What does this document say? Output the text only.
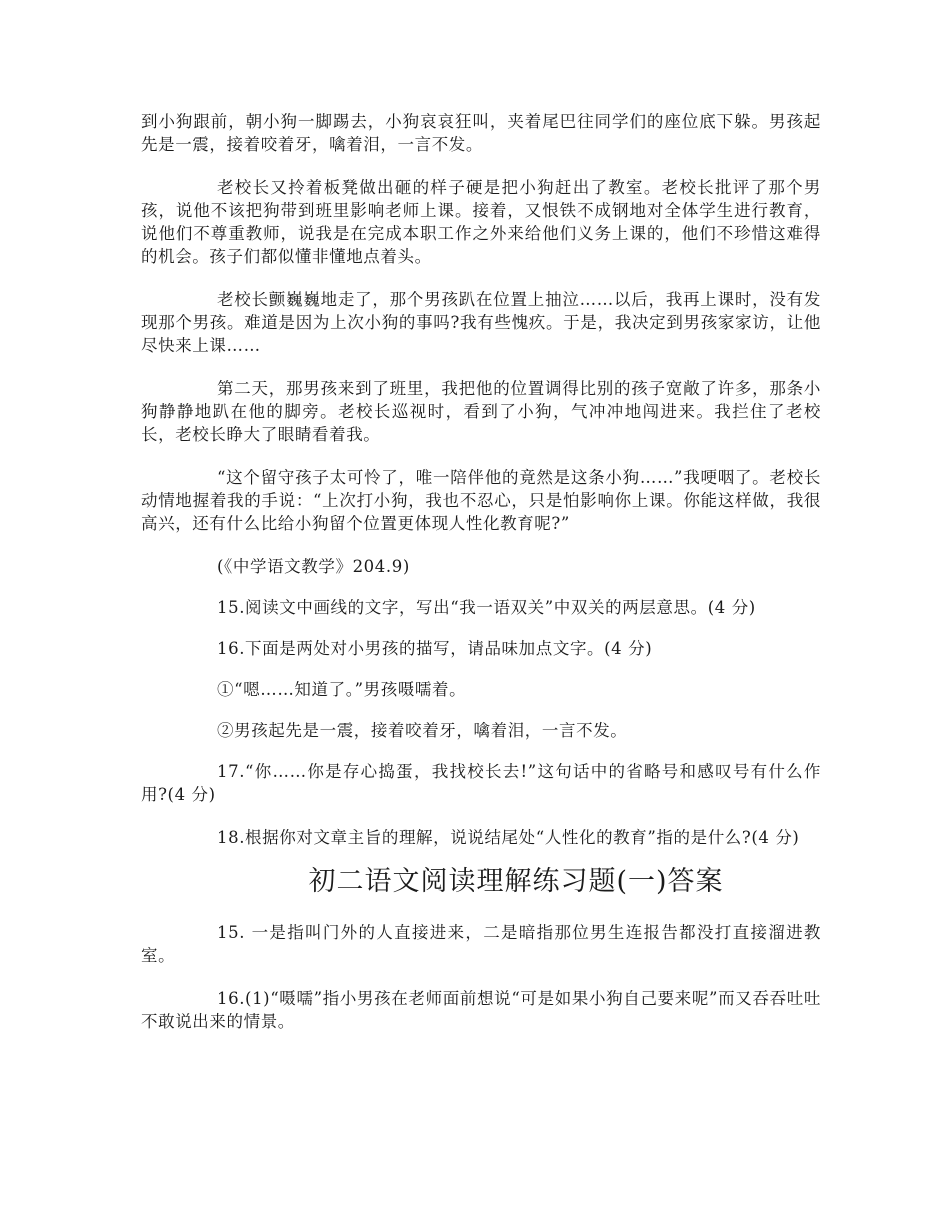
到小狗跟前，朝小狗一脚踢去，小狗哀哀狂叫，夹着尾巴往同学们的座位底下躲。男孩起先是一震，接着咬着牙，噙着泪，一言不发。

老校长又拎着板凳做出砸的样子硬是把小狗赶出了教室。老校长批评了那个男孩，说他不该把狗带到班里影响老师上课。接着，又恨铁不成钢地对全体学生进行教育，说他们不尊重教师，说我是在完成本职工作之外来给他们义务上课的，他们不珍惜这难得的机会。孩子们都似懂非懂地点着头。

老校长颤巍巍地走了，那个男孩趴在位置上抽泣……以后，我再上课时，没有发现那个男孩。难道是因为上次小狗的事吗?我有些愧疚。于是，我决定到男孩家家访，让他尽快来上课……

第二天，那男孩来到了班里，我把他的位置调得比别的孩子宽敞了许多，那条小狗静静地趴在他的脚旁。老校长巡视时，看到了小狗，气冲冲地闯进来。我拦住了老校长，老校长睁大了眼睛看着我。

“这个留守孩子太可怜了，唯一陪伴他的竟然是这条小狗……”我哽咽了。老校长动情地握着我的手说：“上次打小狗，我也不忍心，只是怕影响你上课。你能这样做，我很高兴，还有什么比给小狗留个位置更体现人性化教育呢?”

(《中学语文教学》204.9)

15.阅读文中画线的文字，写出“我一语双关”中双关的两层意思。(4 分)

16.下面是两处对小男孩的描写，请品味加点文字。(4 分)

①“嗯……知道了。”男孩嗫嚅着。

②男孩起先是一震，接着咬着牙，噙着泪，一言不发。

17.“你……你是存心捣蛋，我找校长去!”这句话中的省略号和感叹号有什么作用?(4 分)

18.根据你对文章主旨的理解，说说结尾处“人性化的教育”指的是什么?(4 分)

初二语文阅读理解练习题(一)答案

15. 一是指叫门外的人直接进来，二是暗指那位男生连报告都没打直接溜进教室。

16.(1)“嗫嚅”指小男孩在老师面前想说“可是如果小狗自己要来呢”而又吞吞吐吐不敢说出来的情景。
